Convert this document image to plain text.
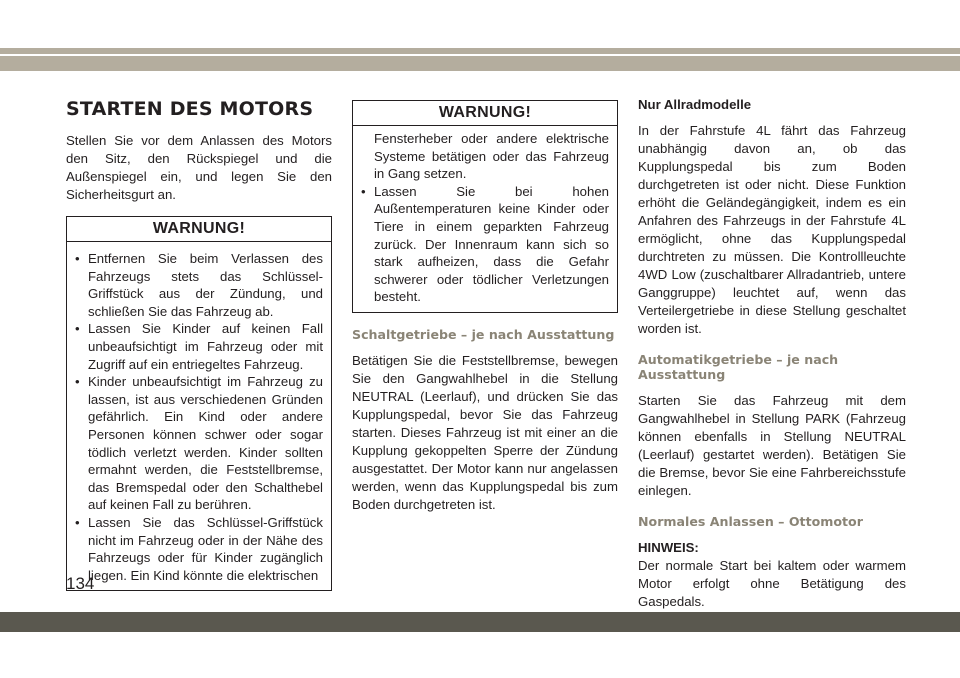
STARTEN DES MOTORS

Stellen Sie vor dem Anlassen des Motors den Sitz, den Rückspiegel und die Außenspiegel ein, und legen Sie den Sicherheitsgurt an.

WARNUNG!
• Entfernen Sie beim Verlassen des Fahrzeugs stets das Schlüssel-Griffstück aus der Zündung, und schließen Sie das Fahrzeug ab.
• Lassen Sie Kinder auf keinen Fall unbeaufsichtigt im Fahrzeug oder mit Zugriff auf ein entriegeltes Fahrzeug.
• Kinder unbeaufsichtigt im Fahrzeug zu lassen, ist aus verschiedenen Gründen gefährlich. Ein Kind oder andere Personen können schwer oder sogar tödlich verletzt werden. Kinder sollten ermahnt werden, die Feststellbremse, das Bremspedal oder den Schalthebel auf keinen Fall zu berühren.
• Lassen Sie das Schlüssel-Griffstück nicht im Fahrzeug oder in der Nähe des Fahrzeugs oder für Kinder zugänglich liegen. Ein Kind könnte die elektrischen
WARNUNG!
Fensterheber oder andere elektrische Systeme betätigen oder das Fahrzeug in Gang setzen.
• Lassen Sie bei hohen Außentemperaturen keine Kinder oder Tiere in einem geparkten Fahrzeug zurück. Der Innenraum kann sich so stark aufheizen, dass die Gefahr schwerer oder tödlicher Verletzungen besteht.
Schaltgetriebe – je nach Ausstattung

Betätigen Sie die Feststellbremse, bewegen Sie den Gangwahlhebel in die Stellung NEUTRAL (Leerlauf), und drücken Sie das Kupplungspedal, bevor Sie das Fahrzeug starten. Dieses Fahrzeug ist mit einer an die Kupplung gekoppelten Sperre der Zündung ausgestattet. Der Motor kann nur angelassen werden, wenn das Kupplungspedal bis zum Boden durchgetreten ist.

Nur Allradmodelle

In der Fahrstufe 4L fährt das Fahrzeug unabhängig davon an, ob das Kupplungspedal bis zum Boden durchgetreten ist oder nicht. Diese Funktion erhöht die Geländegängigkeit, indem es ein Anfahren des Fahrzeugs in der Fahrstufe 4L ermöglicht, ohne das Kupplungspedal durchtreten zu müssen. Die Kontrollleuchte 4WD Low (zuschaltbarer Allradantrieb, untere Ganggruppe) leuchtet auf, wenn das Verteilergetriebe in diese Stellung geschaltet worden ist.

Automatikgetriebe – je nach Ausstattung

Starten Sie das Fahrzeug mit dem Gangwahlhebel in Stellung PARK (Fahrzeug können ebenfalls in Stellung NEUTRAL (Leerlauf) gestartet werden). Betätigen Sie die Bremse, bevor Sie eine Fahrbereichsstufe einlegen.

Normales Anlassen – Ottomotor
HINWEIS:

Der normale Start bei kaltem oder warmem Motor erfolgt ohne Betätigung des Gaspedals.

134
